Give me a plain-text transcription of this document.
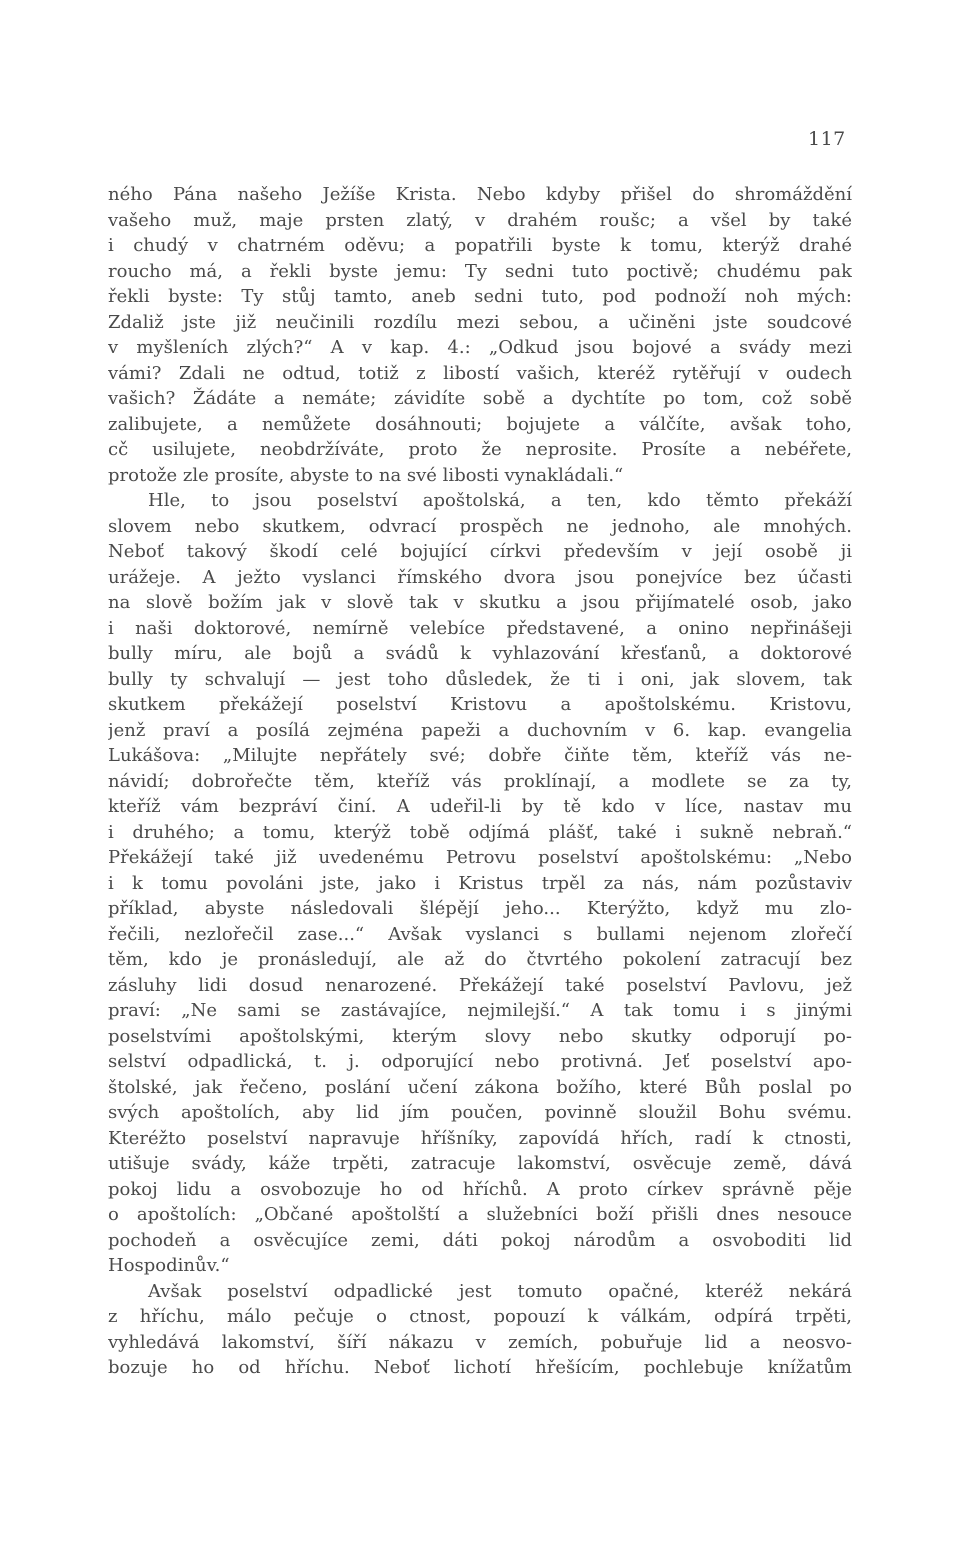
117
ného Pána našeho Ježíše Krista. Nebo kdyby přišel do shromáždění
vašeho muž, maje prsten zlatý, v drahém roušc; a všel by také
i chudý v chatrném oděvu; a popatřili byste k tomu, kterýž drahé
roucho má, a řekli byste jemu: Ty sedni tuto poctivě; chudému pak
řekli byste: Ty stůj tamto, aneb sedni tuto, pod podnoží noh mých:
Zdaliž jste již neučinili rozdílu mezi sebou, a učiněni jste soudcové
v myšleních zlých?“ A v kap. 4.: „Odkud jsou bojové a svády mezi
vámi? Zdali ne odtud, totiž z libostí vašich, kteréž rytěřují v oudech
vašich? Žádáte a nemáte; závidíte sobě a dychtíte po tom, což sobě
zalibujete, a nemůžete dosáhnouti; bojujete a válčíte, avšak toho,
cč usilujete, neobdržíváte, proto že neprosite. Prosíte a nebéřete,
protože zle prosíte, abyste to na své libosti vynakládali.“
Hle, to jsou poselství apoštolská, a ten, kdo těmto překáží
slovem nebo skutkem, odvrací prospěch ne jednoho, ale mnohých.
Neboť takový škodí celé bojující církvi především v její osobě ji
urážeje. A ježto vyslanci římského dvora jsou ponejvíce bez účasti
na slově božím jak v slově tak v skutku a jsou přijímatelé osob, jako
i naši doktorové, nemírně velebíce představené, a onino nepřinášeji
bully míru, ale bojů a svádů k vyhlazování křesťanů, a doktorové
bully ty schvalují — jest toho důsledek, že ti i oni, jak slovem, tak
skutkem překážejí poselství Kristovu a apoštolskému. Kristovu,
jenž praví a posílá zejména papeži a duchovním v 6. kap. evangelia
Lukášova: „Milujte nepřátely své; dobře čiňte těm, kteříž vás ne-
návidí; dobrořečte těm, kteříž vás proklínají, a modlete se za ty,
kteříž vám bezpráví činí. A udeřil-li by tě kdo v líce, nastav mu
i druhého; a tomu, kterýž tobě odjímá plášť, také i sukně nebraň.“
Překážejí také již uvedenému Petrovu poselství apoštolskému: „Nebo
i k tomu povoláni jste, jako i Kristus trpěl za nás, nám pozůstaviv
příklad, abyste následovali šlépějí jeho... Kterýžto, když mu zlo-
řečili, nezlořečil zase...“ Avšak vyslanci s bullami nejenom zlořečí
těm, kdo je pronásledují, ale až do čtvrtého pokolení zatracují bez
zásluhy lidi dosud nenarozené. Překážejí také poselství Pavlovu, jež
praví: „Ne sami se zastávajíce, nejmilejší.“ A tak tomu i s jinými
poselstvími apoštolskými, kterým slovy nebo skutky odporují po-
selství odpadlická, t. j. odporující nebo protivná. Jeť poselství apo-
štolské, jak řečeno, poslání učení zákona božího, které Bůh poslal po
svých apoštolích, aby lid jím poučen, povinně sloužil Bohu svému.
Kteréžto poselství napravuje hříšníky, zapovídá hřích, radí k ctnosti,
utišuje svády, káže trpěti, zatracuje lakomství, osvěcuje země, dává
pokoj lidu a osvobozuje ho od hříchů. A proto církev správně pěje
o apoštolích: „Občané apoštolští a služebníci boží přišli dnes nesouce
pochodeň a osvěcujíce zemi, dáti pokoj národům a osvoboditi lid
Hospodinův.“
Avšak poselství odpadlické jest tomuto opačné, kteréž nekárá
z hříchu, málo pečuje o ctnost, popouzí k válkám, odpírá trpěti,
vyhledává lakomství, šíří nákazu v zemích, pobuřuje lid a neosvo-
bozuje ho od hříchu. Neboť lichotí hřešícím, pochlebuje knížatům
